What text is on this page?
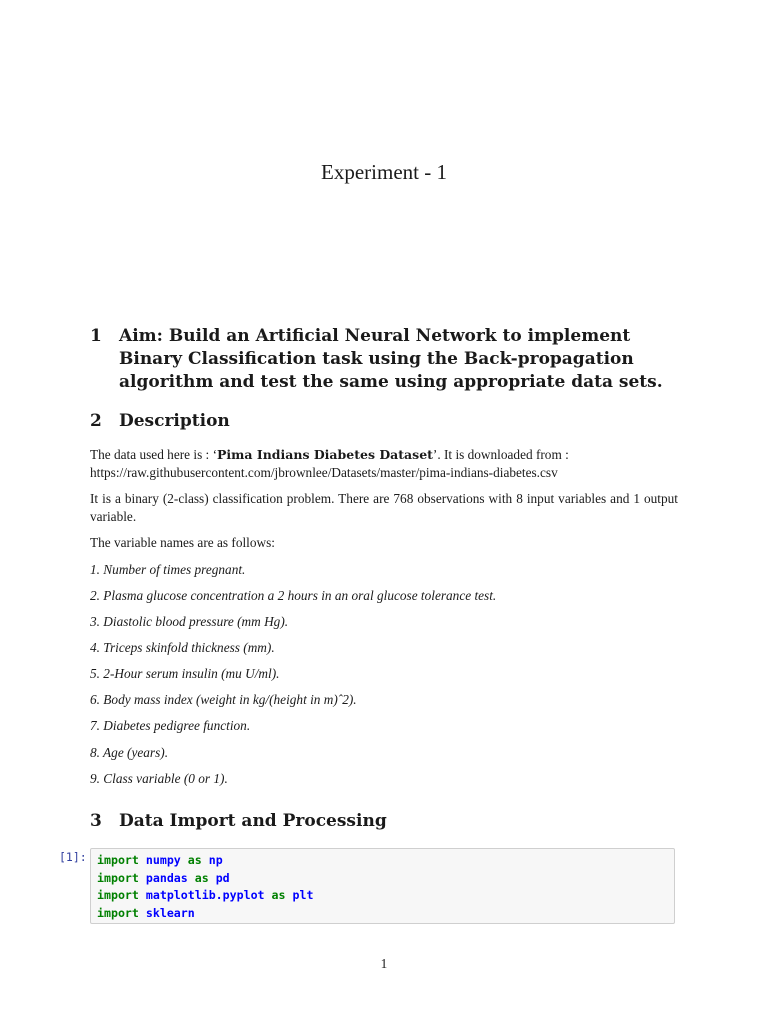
Experiment - 1
1	Aim: Build an Artificial Neural Network to implement Binary Classification task using the Back-propagation algorithm and test the same using appropriate data sets.
2	Description
The data used here is : ‘Pima Indians Diabetes Dataset’. It is downloaded from :
https://raw.githubusercontent.com/jbrownlee/Datasets/master/pima-indians-diabetes.csv
It is a binary (2-class) classification problem. There are 768 observations with 8 input variables and 1 output variable.
The variable names are as follows:
1. Number of times pregnant.
2. Plasma glucose concentration a 2 hours in an oral glucose tolerance test.
3. Diastolic blood pressure (mm Hg).
4. Triceps skinfold thickness (mm).
5. 2-Hour serum insulin (mu U/ml).
6. Body mass index (weight in kg/(height in m)ˆ2).
7. Diabetes pedigree function.
8. Age (years).
9. Class variable (0 or 1).
3	Data Import and Processing
[1]: import numpy as np
import pandas as pd
import matplotlib.pyplot as plt
import sklearn
1
